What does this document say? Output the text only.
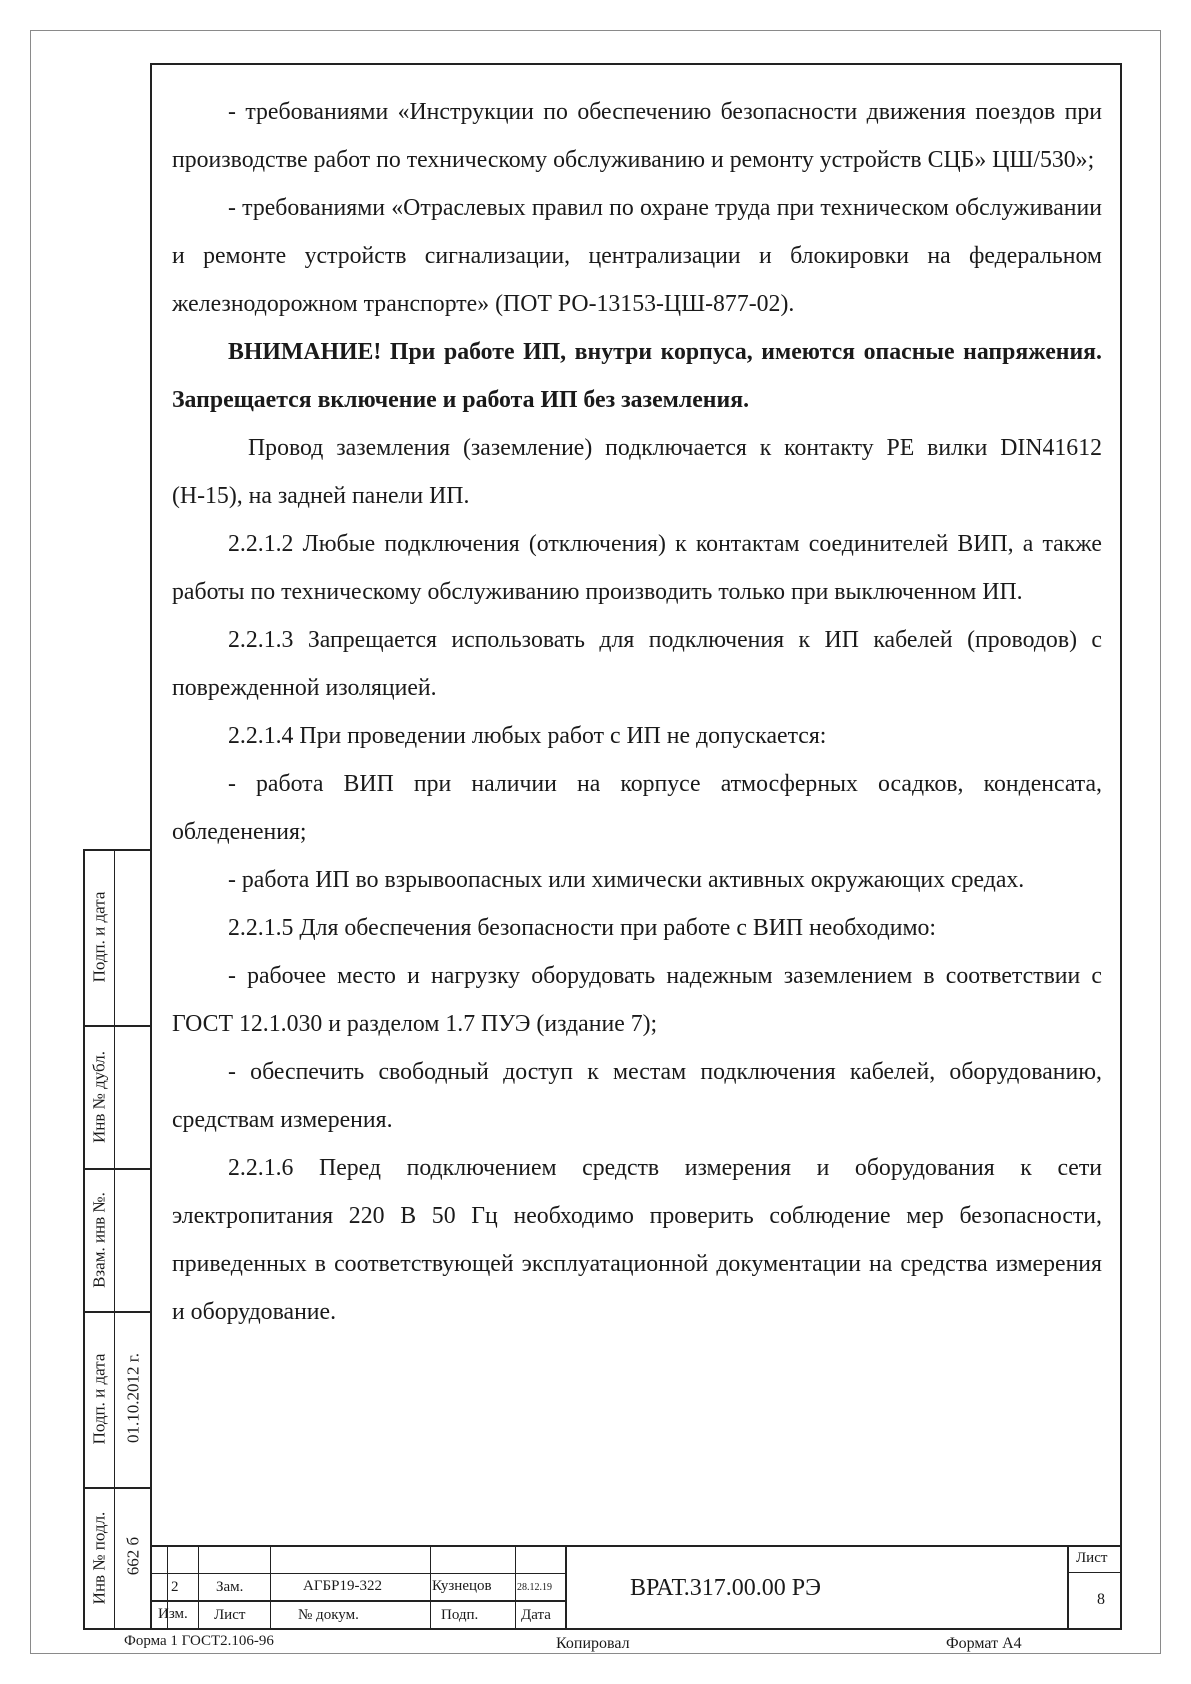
- требованиями «Инструкции по обеспечению безопасности движения поездов при производстве работ по техническому обслуживанию и ремонту устройств СЦБ» ЦШ/530»;

- требованиями «Отраслевых правил по охране труда при техническом обслуживании и ремонте устройств сигнализации, централизации и блокировки на федеральном железнодорожном транспорте» (ПОТ РО-13153-ЦШ-877-02).

ВНИМАНИЕ! При работе ИП, внутри корпуса, имеются опасные напряжения. Запрещается включение и работа ИП без заземления.

Провод заземления (заземление) подключается к контакту РЕ вилки DIN41612 (Н-15), на задней панели ИП.

2.2.1.2 Любые подключения (отключения) к контактам соединителей ВИП, а также работы по техническому обслуживанию производить только при выключенном ИП.

2.2.1.3 Запрещается использовать для подключения к ИП кабелей (проводов) с поврежденной изоляцией.

2.2.1.4 При проведении любых работ с ИП не допускается:

- работа ВИП при наличии на корпусе атмосферных осадков, конденсата, обледенения;

- работа ИП во взрывоопасных или химически активных окружающих средах.

2.2.1.5 Для обеспечения безопасности при работе с ВИП необходимо:

- рабочее место и нагрузку оборудовать надежным заземлением в соответствии с ГОСТ 12.1.030 и разделом 1.7 ПУЭ (издание 7);

- обеспечить свободный доступ к местам подключения кабелей, оборудованию, средствам измерения.

2.2.1.6 Перед подключением средств измерения и оборудования к сети электропитания 220 В 50 Гц необходимо проверить соблюдение мер безопасности, приведенных в соответствующей эксплуатационной документации на средства измерения и оборудование.

Подп. и дата
Инв № дубл.
Взам. инв №.
Подп. и дата
Инв № подл.
01.10.2012 г.
662 б
2	Зам.	АГБР19-322	Кузнецов	28.12.19
Изм. Лист	№ докум.	Подп.	Дата
ВРАТ.317.00.00 РЭ
Лист
8
Форма 1 ГОСТ2.106-96	Копировал	Формат А4
